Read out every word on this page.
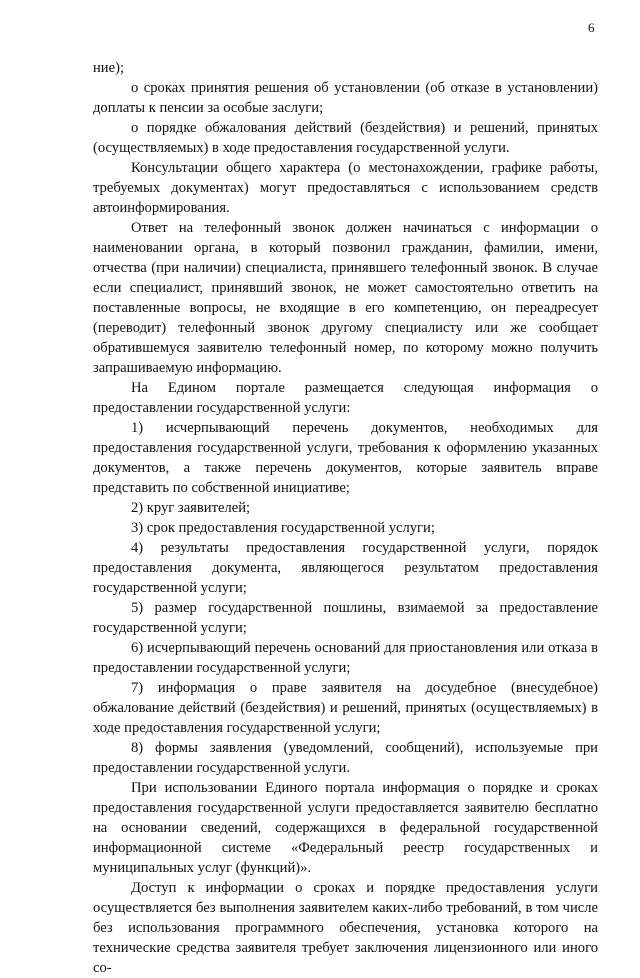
6

ние);

о сроках принятия решения об установлении (об отказе в установлении) доплаты к пенсии за особые заслуги;

о порядке обжалования действий (бездействия) и решений, принятых (осуществляемых) в ходе предоставления государственной услуги.

Консультации общего характера (о местонахождении, графике работы, требуемых документах) могут предоставляться с использованием средств автоинформирования.

Ответ на телефонный звонок должен начинаться с информации о наименовании органа, в который позвонил гражданин, фамилии, имени, отчества (при наличии) специалиста, принявшего телефонный звонок. В случае если специалист, принявший звонок, не может самостоятельно ответить на поставленные вопросы, не входящие в его компетенцию, он переадресует (переводит) телефонный звонок другому специалисту или же сообщает обратившемуся заявителю телефонный номер, по которому можно получить запрашиваемую информацию.

На Едином портале размещается следующая информация о предоставлении государственной услуги:

1) исчерпывающий перечень документов, необходимых для предоставления государственной услуги, требования к оформлению указанных документов, а также перечень документов, которые заявитель вправе представить по собственной инициативе;

2) круг заявителей;

3) срок предоставления государственной услуги;

4) результаты предоставления государственной услуги, порядок предоставления документа, являющегося результатом предоставления государственной услуги;

5) размер государственной пошлины, взимаемой за предоставление государственной услуги;

6) исчерпывающий перечень оснований для приостановления или отказа в предоставлении государственной услуги;

7) информация о праве заявителя на досудебное (внесудебное) обжалование действий (бездействия) и решений, принятых (осуществляемых) в ходе предоставления государственной услуги;

8) формы заявления (уведомлений, сообщений), используемые при предоставлении государственной услуги.

При использовании Единого портала информация о порядке и сроках предоставления государственной услуги предоставляется заявителю бесплатно на основании сведений, содержащихся в федеральной государственной информационной системе «Федеральный реестр государственных и муниципальных услуг (функций)».

Доступ к информации о сроках и порядке предоставления услуги осуществляется без выполнения заявителем каких-либо требований, в том числе без использования программного обеспечения, установка которого на технические средства заявителя требует заключения лицензионного или иного со-
